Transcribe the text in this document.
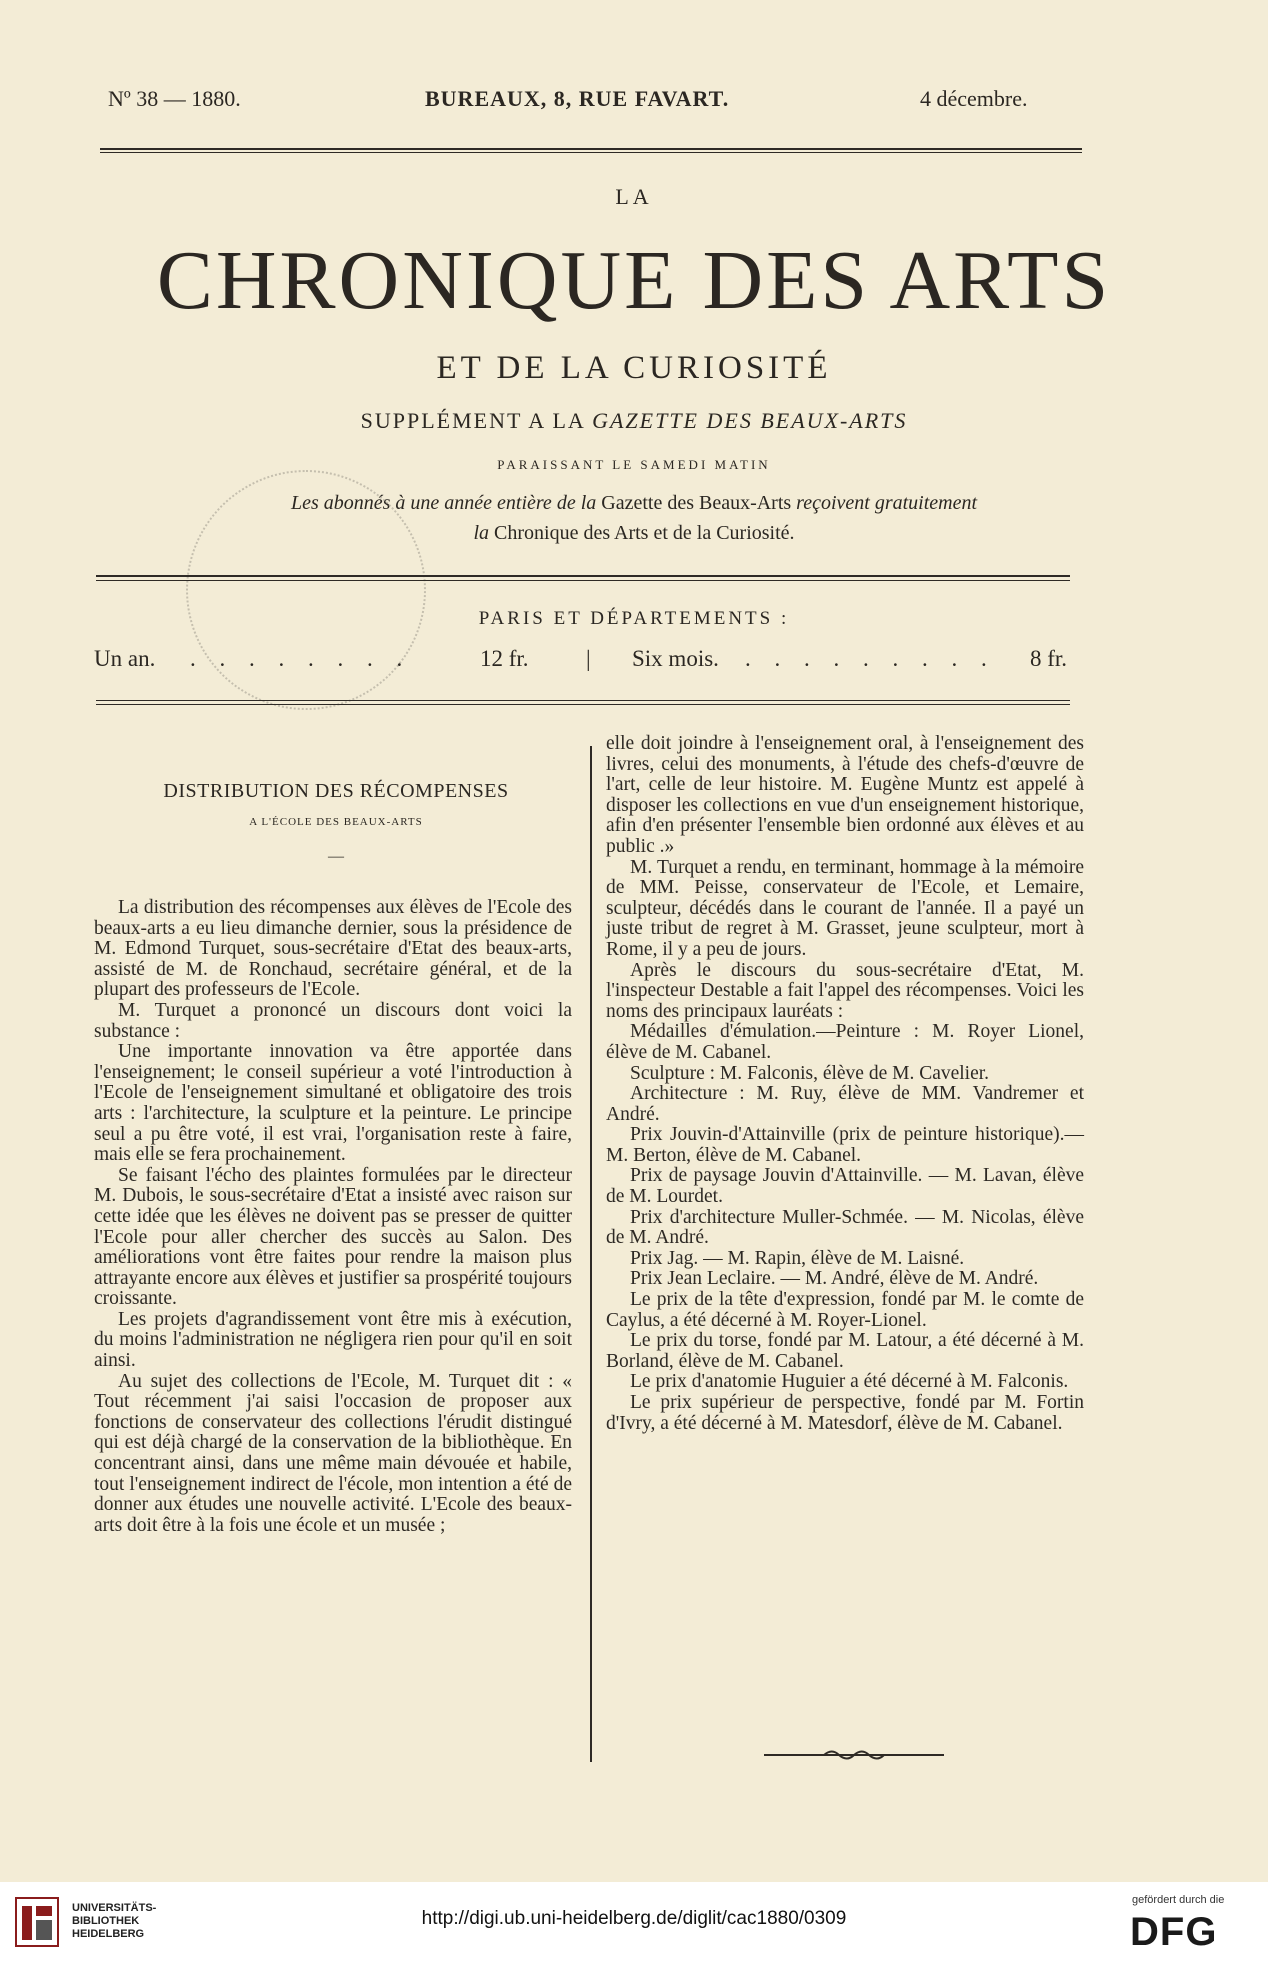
Nº 38 — 1880.	BUREAUX, 8, RUE FAVART.	4 décembre.
LA
CHRONIQUE DES ARTS
ET DE LA CURIOSITÉ
SUPPLÉMENT A LA GAZETTE DES BEAUX-ARTS
PARAISSANT LE SAMEDI MATIN
Les abonnés à une année entière de la Gazette des Beaux-Arts reçoivent gratuitement
la Chronique des Arts et de la Curiosité.
PARIS ET DÉPARTEMENTS :
Un an. . . . . . . . .	12 fr. | Six mois. . . . . . . . . . 8 fr.
DISTRIBUTION DES RÉCOMPENSES
A L'ÉCOLE DES BEAUX-ARTS
—

La distribution des récompenses aux élèves de l'Ecole des beaux-arts a eu lieu dimanche dernier, sous la présidence de M. Edmond Turquet, sous-secrétaire d'Etat des beaux-arts, assisté de M. de Ronchaud, secrétaire général, et de la plupart des professeurs de l'Ecole.

M. Turquet a prononcé un discours dont voici la substance :

Une importante innovation va être apportée dans l'enseignement; le conseil supérieur a voté l'introduction à l'Ecole de l'enseignement simultané et obligatoire des trois arts : l'architecture, la sculpture et la peinture. Le principe seul a pu être voté, il est vrai, l'organisation reste à faire, mais elle se fera prochainement.

Se faisant l'écho des plaintes formulées par le directeur M. Dubois, le sous-secrétaire d'Etat a insisté avec raison sur cette idée que les élèves ne doivent pas se presser de quitter l'Ecole pour aller chercher des succès au Salon. Des améliorations vont être faites pour rendre la maison plus attrayante encore aux élèves et justifier sa prospérité toujours croissante.

Les projets d'agrandissement vont être mis à exécution, du moins l'administration ne négligera rien pour qu'il en soit ainsi.

Au sujet des collections de l'Ecole, M. Turquet dit : « Tout récemment j'ai saisi l'occasion de proposer aux fonctions de conservateur des collections l'érudit distingué qui est déjà chargé de la conservation de la bibliothèque. En concentrant ainsi, dans une même main dévouée et habile, tout l'enseignement indirect de l'école, mon intention a été de donner aux études une nouvelle activité. L'Ecole des beaux-arts doit être à la fois une école et un musée ;

elle doit joindre à l'enseignement oral, à l'enseignement des livres, celui des monuments, à l'étude des chefs-d'œuvre de l'art, celle de leur histoire. M. Eugène Muntz est appelé à disposer les collections en vue d'un enseignement historique, afin d'en présenter l'ensemble bien ordonné aux élèves et au public .»

M. Turquet a rendu, en terminant, hommage à la mémoire de MM. Peisse, conservateur de l'Ecole, et Lemaire, sculpteur, décédés dans le courant de l'année. Il a payé un juste tribut de regret à M. Grasset, jeune sculpteur, mort à Rome, il y a peu de jours.

Après le discours du sous-secrétaire d'Etat, M. l'inspecteur Destable a fait l'appel des récompenses. Voici les noms des principaux lauréats :

Médailles d'émulation.—Peinture : M. Royer Lionel, élève de M. Cabanel.

Sculpture : M. Falconis, élève de M. Cavelier.

Architecture : M. Ruy, élève de MM. Vandremer et André.

Prix Jouvin-d'Attainville (prix de peinture historique).—M. Berton, élève de M. Cabanel.

Prix de paysage Jouvin d'Attainville. — M. Lavan, élève de M. Lourdet.

Prix d'architecture Muller-Schmée. — M. Nicolas, élève de M. André.

Prix Jag. — M. Rapin, élève de M. Laisné.

Prix Jean Leclaire. — M. André, élève de M. André.

Le prix de la tête d'expression, fondé par M. le comte de Caylus, a été décerné à M. Royer-Lionel.

Le prix du torse, fondé par M. Latour, a été décerné à M. Borland, élève de M. Cabanel.

Le prix d'anatomie Huguier a été décerné à M. Falconis.

Le prix supérieur de perspective, fondé par M. Fortin d'Ivry, a été décerné à M. Matesdorf, élève de M. Cabanel.

UNIVERSITÄTS-
BIBLIOTHEK
HEIDELBERG
http://digi.ub.uni-heidelberg.de/diglit/cac1880/0309
gefördert durch die
DFG
